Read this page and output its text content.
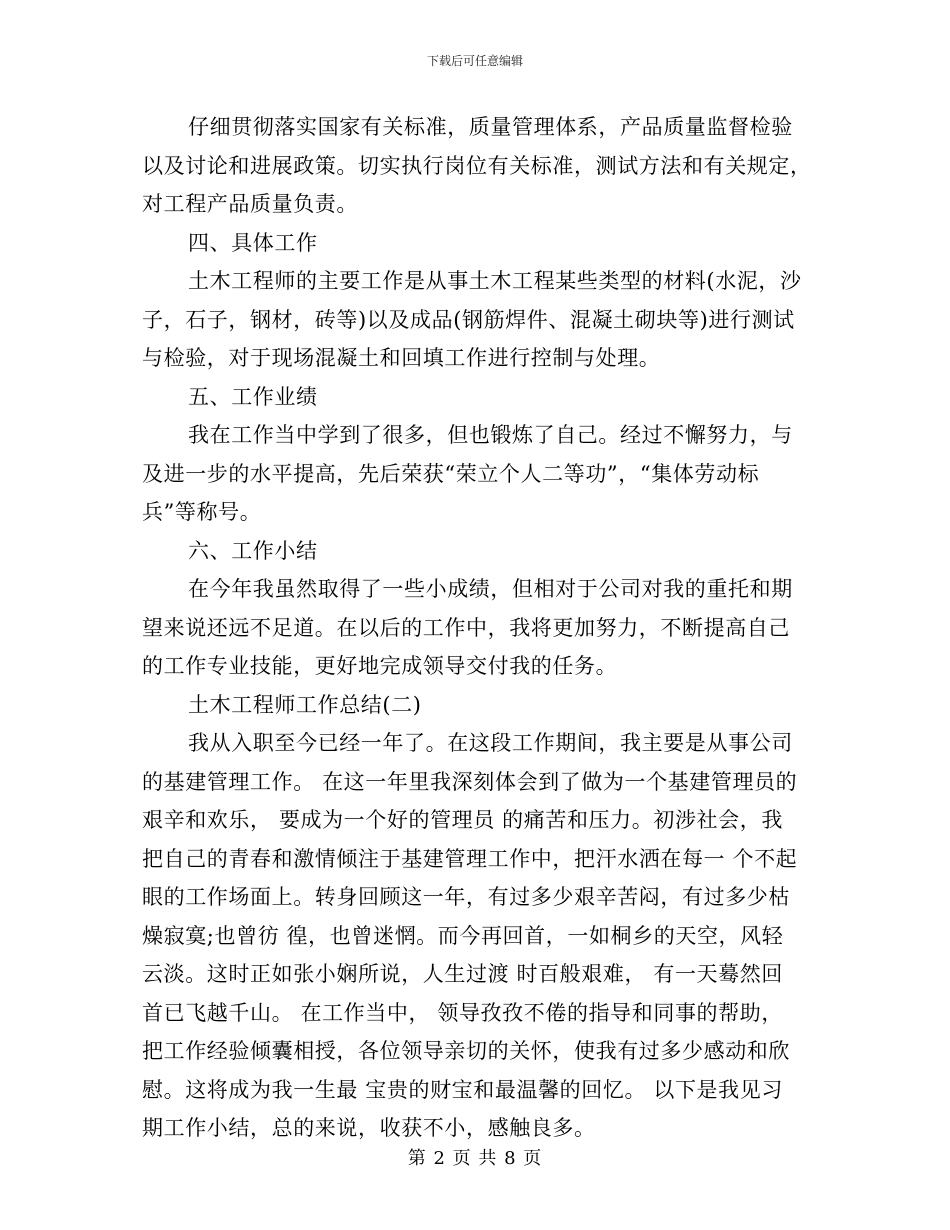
下载后可任意编辑
仔细贯彻落实国家有关标准，质量管理体系，产品质量监督检验
以及讨论和进展政策。切实执行岗位有关标准，测试方法和有关规定，
对工程产品质量负责。
四、具体工作
土木工程师的主要工作是从事土木工程某些类型的材料(水泥，沙
子，石子，钢材，砖等)以及成品(钢筋焊件、混凝土砌块等)进行测试
与检验，对于现场混凝土和回填工作进行控制与处理。
五、工作业绩
我在工作当中学到了很多，但也锻炼了自己。经过不懈努力，与
及进一步的水平提高，先后荣获“荣立个人二等功”，“集体劳动标
兵”等称号。
六、工作小结
在今年我虽然取得了一些小成绩，但相对于公司对我的重托和期
望来说还远不足道。在以后的工作中，我将更加努力，不断提高自己
的工作专业技能，更好地完成领导交付我的任务。
土木工程师工作总结(二)
我从入职至今已经一年了。在这段工作期间，我主要是从事公司
的基建管理工作。 在这一年里我深刻体会到了做为一个基建管理员的
艰辛和欢乐， 要成为一个好的管理员 的痛苦和压力。初涉社会，我
把自己的青春和激情倾注于基建管理工作中，把汗水洒在每一 个不起
眼的工作场面上。转身回顾这一年，有过多少艰辛苦闷，有过多少枯
燥寂寞;也曾彷 徨，也曾迷惘。而今再回首，一如桐乡的天空，风轻
云淡。这时正如张小娴所说，人生过渡 时百般艰难， 有一天蓦然回
首已飞越千山。 在工作当中， 领导孜孜不倦的指导和同事的帮助，
把工作经验倾囊相授，各位领导亲切的关怀，使我有过多少感动和欣
慰。这将成为我一生最 宝贵的财宝和最温馨的回忆。 以下是我见习
期工作小结，总的来说，收获不小，感触良多。
第 2 页 共 8 页
